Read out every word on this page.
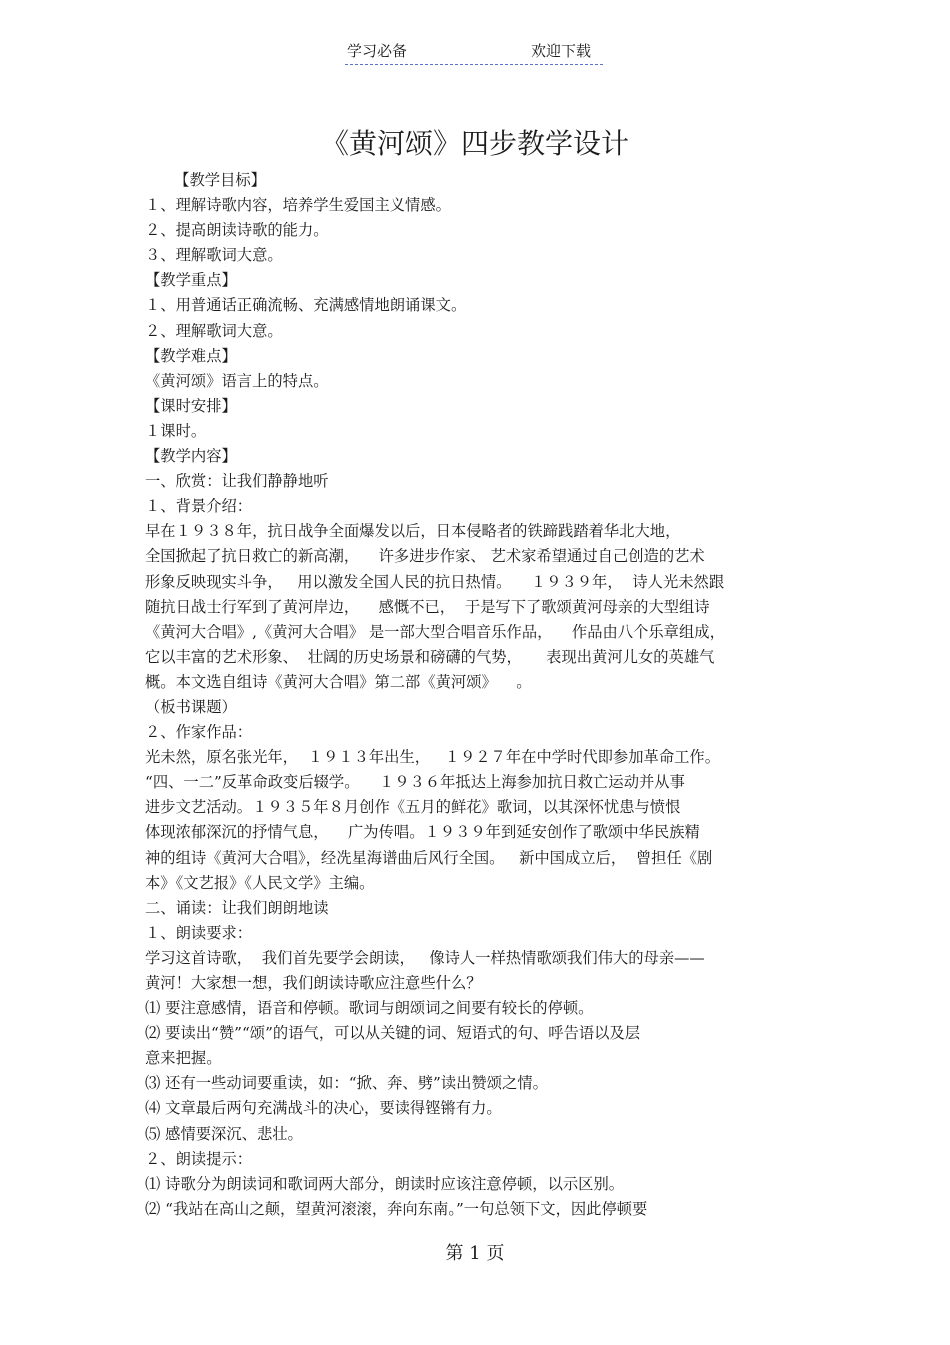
学习必备	欢迎下载
《黄河颂》四步教学设计
【教学目标】
１、理解诗歌内容，培养学生爱国主义情感。
２、提高朗读诗歌的能力。
３、理解歌词大意。
【教学重点】
１、用普通话正确流畅、充满感情地朗诵课文。
２、理解歌词大意。
【教学难点】
《黄河颂》语言上的特点。
【课时安排】
１课时。
【教学内容】
一、欣赏：让我们静静地听
１、背景介绍：
早在１９３８年，抗日战争全面爆发以后，日本侵略者的铁蹄践踏着华北大地，
全国掀起了抗日救亡的新高潮，    许多进步作家、 艺术家希望通过自己创造的艺术
形象反映现实斗争，   用以激发全国人民的抗日热情。    １９３９年，  诗人光未然跟
随抗日战士行军到了黄河岸边，    感慨不已，  于是写下了歌颂黄河母亲的大型组诗
《黄河大合唱》,《黄河大合唱》 是一部大型合唱音乐作品，    作品由八个乐章组成，
它以丰富的艺术形象、  壮阔的历史场景和磅礴的气势，     表现出黄河儿女的英雄气
概。本文选自组诗《黄河大合唱》第二部《黄河颂》    。
（板书课题）
２、作家作品：
光未然，原名张光年，  １９１３年出生，   １９２７年在中学时代即参加革命工作。
“四、一二”反革命政变后辍学。    １９３６年抵达上海参加抗日救亡运动并从事
进步文艺活动。１９３５年８月创作《五月的鲜花》歌词，以其深怀忧患与愤恨
体现浓郁深沉的抒情气息，    广为传唱。１９３９年到延安创作了歌颂中华民族精
神的组诗《黄河大合唱》，经冼星海谱曲后风行全国。   新中国成立后，  曾担任《剧
本》《文艺报》《人民文学》主编。
二、诵读：让我们朗朗地读
１、朗读要求：
学习这首诗歌，  我们首先要学会朗读，   像诗人一样热情歌颂我们伟大的母亲——
黄河！大家想一想，我们朗读诗歌应注意些什么？
⑴ 要注意感情，语音和停顿。歌词与朗颂词之间要有较长的停顿。
⑵ 要读出“赞”“颂”的语气，可以从关键的词、短语式的句、呼告语以及层
意来把握。
⑶ 还有一些动词要重读，如：“掀、奔、劈”读出赞颂之情。
⑷ 文章最后两句充满战斗的决心，要读得铿锵有力。
⑸ 感情要深沉、悲壮。
２、朗读提示：
⑴ 诗歌分为朗读词和歌词两大部分，朗读时应该注意停顿，以示区别。
⑵ “我站在高山之颠，望黄河滚滚，奔向东南。”一句总领下文，因此停顿要
第 1 页
